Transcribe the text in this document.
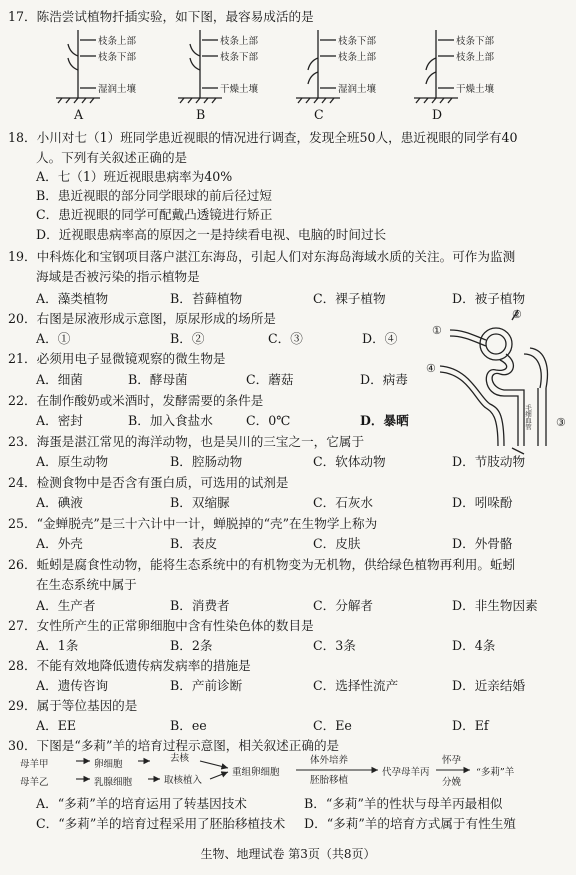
17．陈浩尝试植物扦插实验，如下图，最容易成活的是
枝条上部
枝条下部
湿润土壤
枝条上部
枝条下部
干燥土壤
枝条下部
枝条上部
湿润土壤
枝条下部
枝条上部
干燥土壤
A	B	C	D
18．小川对七（1）班同学患近视眼的情况进行调查，发现全班50人，患近视眼的同学有40
人。下列有关叙述正确的是
A．七（1）班近视眼患病率为40%
B．患近视眼的部分同学眼球的前后径过短
C．患近视眼的同学可配戴凸透镜进行矫正
D．近视眼患病率高的原因之一是持续看电视、电脑的时间过长
19．中科炼化和宝钢项目落户湛江东海岛，引起人们对东海岛海域水质的关注。可作为监测
海域是否被污染的指示植物是
A．藻类植物	B．苔藓植物	C．裸子植物	D．被子植物
20．右图是尿液形成示意图，原尿形成的场所是
A．①	B．②	C．③	D．④
①
②
③
④
毛细血管
21．必须用电子显微镜观察的微生物是
A．细菌	B．酵母菌	C．蘑菇	D．病毒
22．在制作酸奶或米酒时，发酵需要的条件是
A．密封	B．加入食盐水	C．0℃	D．暴晒
23．海蛋是湛江常见的海洋动物，也是吴川的三宝之一，它属于
A．原生动物	B．腔肠动物	C．软体动物	D．节肢动物
24．检测食物中是否含有蛋白质，可选用的试剂是
A．碘液	B．双缩脲	C．石灰水	D．吲哚酚
25．“金蝉脱壳”是三十六计中一计，蝉脱掉的“壳”在生物学上称为
A．外壳	B．表皮	C．皮肤	D．外骨骼
26．蚯蚓是腐食性动物，能将生态系统中的有机物变为无机物，供给绿色植物再利用。蚯蚓
在生态系统中属于
A．生产者	B．消费者	C．分解者	D．非生物因素
27．女性所产生的正常卵细胞中含有性染色体的数目是
A．1条	B．2条	C．3条	D．4条
28．不能有效地降低遗传病发病率的措施是
A．遗传咨询	B．产前诊断	C．选择性流产	D．近亲结婚
29．属于等位基因的是
A．EE	B．ee	C．Ee	D．Ef
30．下图是“多莉”羊的培育过程示意图，相关叙述正确的是
母羊甲	卵细胞
去核
母羊乙	乳腺细胞	取核植入
重组卵细胞
体外培养
胚胎移植
代孕母羊丙
怀孕
分娩
“多莉”羊
A．“多莉”羊的培育运用了转基因技术	B．“多莉”羊的性状与母羊丙最相似
C．“多莉”羊的培育过程采用了胚胎移植技术 D．“多莉”羊的培育方式属于有性生殖
生物、地理试卷 第3页（共8页）
